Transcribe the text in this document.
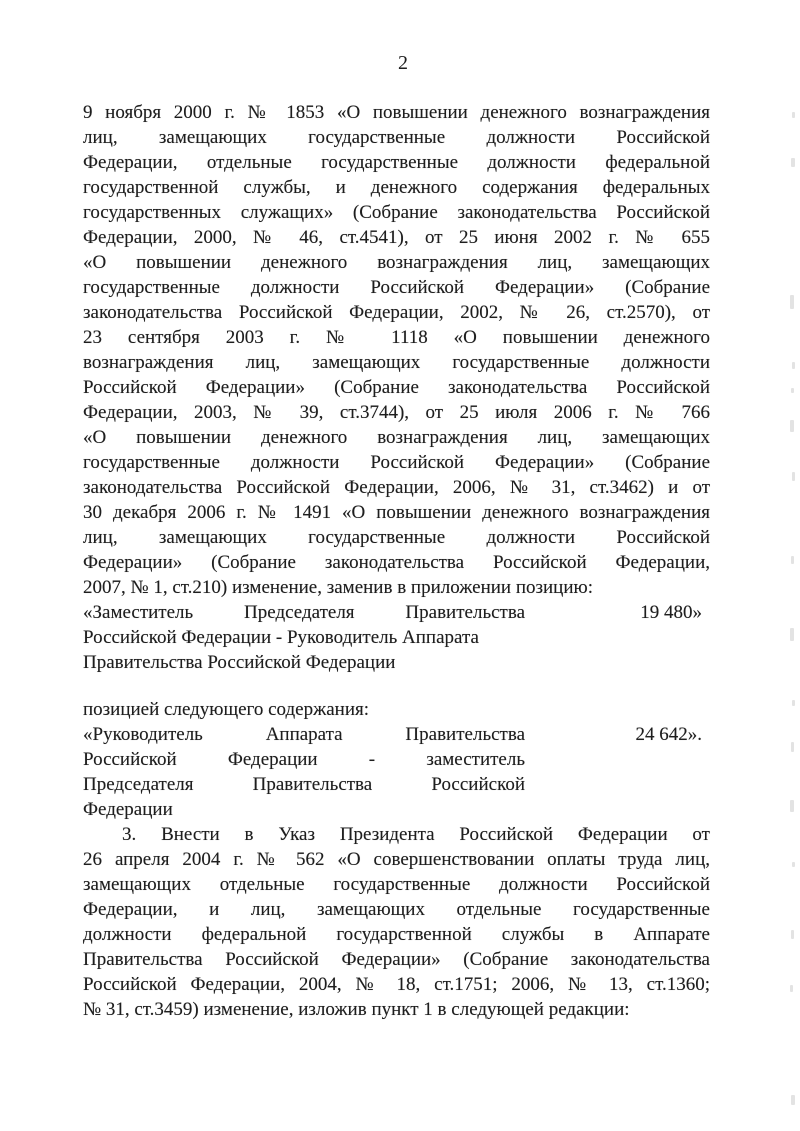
2
9 ноября 2000 г. № 1853 «О повышении денежного вознаграждения
лиц, замещающих государственные должности Российской
Федерации, отдельные государственные должности федеральной
государственной службы, и денежного содержания федеральных
государственных служащих» (Собрание законодательства Российской
Федерации, 2000, № 46, ст.4541), от 25 июня 2002 г. № 655
«О повышении денежного вознаграждения лиц, замещающих
государственные должности Российской Федерации» (Собрание
законодательства Российской Федерации, 2002, № 26, ст.2570), от
23 сентября 2003 г. № 1118 «О повышении денежного
вознаграждения лиц, замещающих государственные должности
Российской Федерации» (Собрание законодательства Российской
Федерации, 2003, № 39, ст.3744), от 25 июля 2006 г. № 766
«О повышении денежного вознаграждения лиц, замещающих
государственные должности Российской Федерации» (Собрание
законодательства Российской Федерации, 2006, № 31, ст.3462) и от
30 декабря 2006 г. № 1491 «О повышении денежного вознаграждения
лиц, замещающих государственные должности Российской
Федерации» (Собрание законодательства Российской Федерации,
2007, № 1, ст.210) изменение, заменив в приложении позицию:
«Заместитель Председателя Правительства
Российской Федерации - Руководитель Аппарата
Правительства Российской Федерации
19 480»
позицией следующего содержания:
«Руководитель Аппарата Правительства
Российской Федерации - заместитель
Председателя Правительства Российской
Федерации
24 642».
3. Внести в Указ Президента Российской Федерации от
26 апреля 2004 г. № 562 «О совершенствовании оплаты труда лиц,
замещающих отдельные государственные должности Российской
Федерации, и лиц, замещающих отдельные государственные
должности федеральной государственной службы в Аппарате
Правительства Российской Федерации» (Собрание законодательства
Российской Федерации, 2004, № 18, ст.1751; 2006, № 13, ст.1360;
№ 31, ст.3459) изменение, изложив пункт 1 в следующей редакции:
